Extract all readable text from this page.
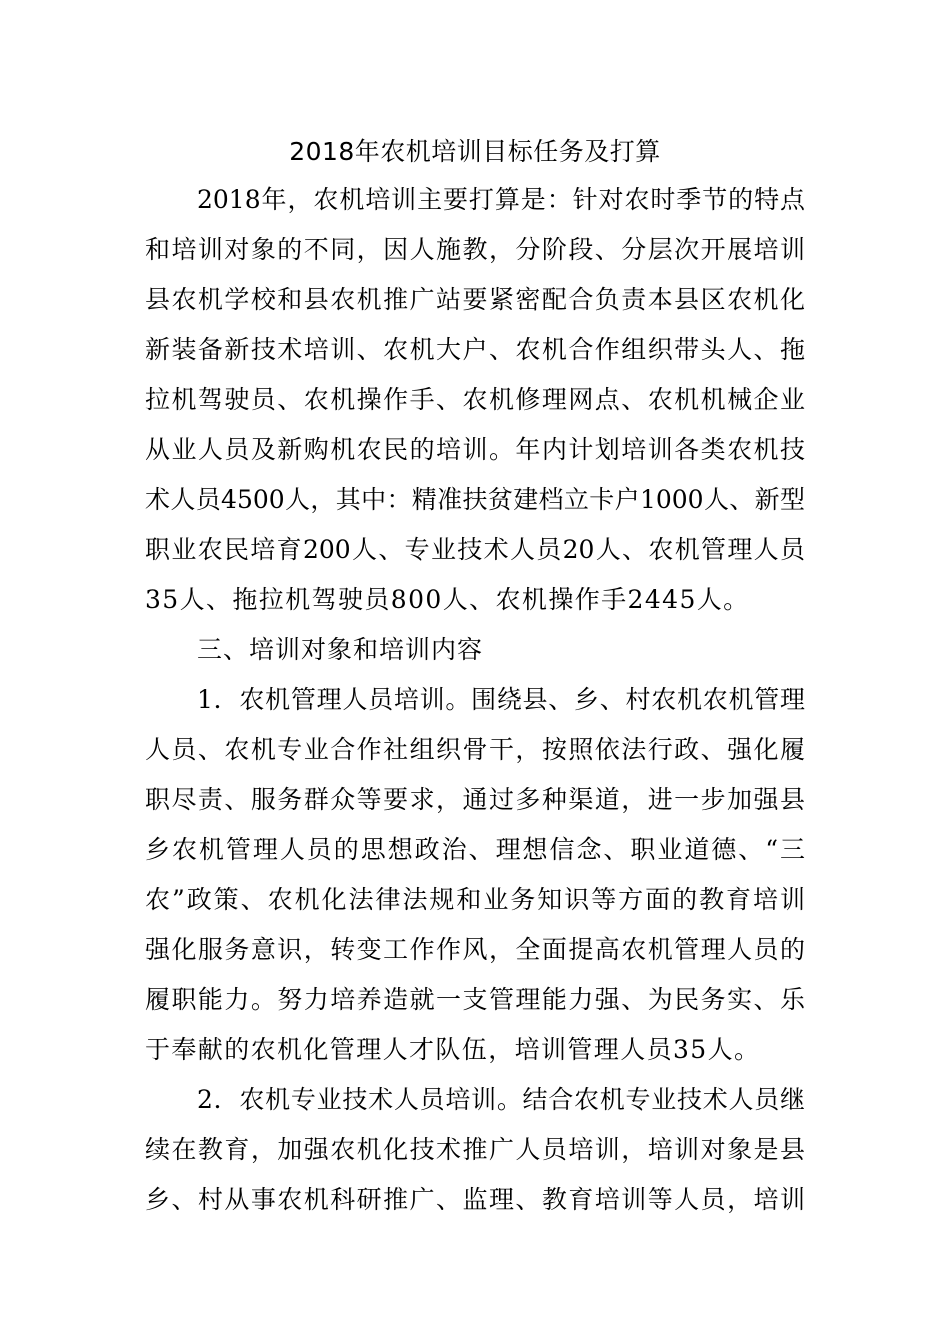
2018年农机培训目标任务及打算
2018年，农机培训主要打算是：针对农时季节的特点
和培训对象的不同，因人施教，分阶段、分层次开展培训
县农机学校和县农机推广站要紧密配合负责本县区农机化
新装备新技术培训、农机大户、农机合作组织带头人、拖
拉机驾驶员、农机操作手、农机修理网点、农机机械企业
从业人员及新购机农民的培训。年内计划培训各类农机技
术人员4500人，其中：精准扶贫建档立卡户1000人、新型
职业农民培育200人、专业技术人员20人、农机管理人员
35人、拖拉机驾驶员800人、农机操作手2445人。
三、培训对象和培训内容
1．农机管理人员培训。围绕县、乡、村农机农机管理
人员、农机专业合作社组织骨干，按照依法行政、强化履
职尽责、服务群众等要求，通过多种渠道，进一步加强县
乡农机管理人员的思想政治、理想信念、职业道德、“三
农”政策、农机化法律法规和业务知识等方面的教育培训
强化服务意识，转变工作作风，全面提高农机管理人员的
履职能力。努力培养造就一支管理能力强、为民务实、乐
于奉献的农机化管理人才队伍，培训管理人员35人。
2．农机专业技术人员培训。结合农机专业技术人员继
续在教育，加强农机化技术推广人员培训，培训对象是县
乡、村从事农机科研推广、监理、教育培训等人员，培训
